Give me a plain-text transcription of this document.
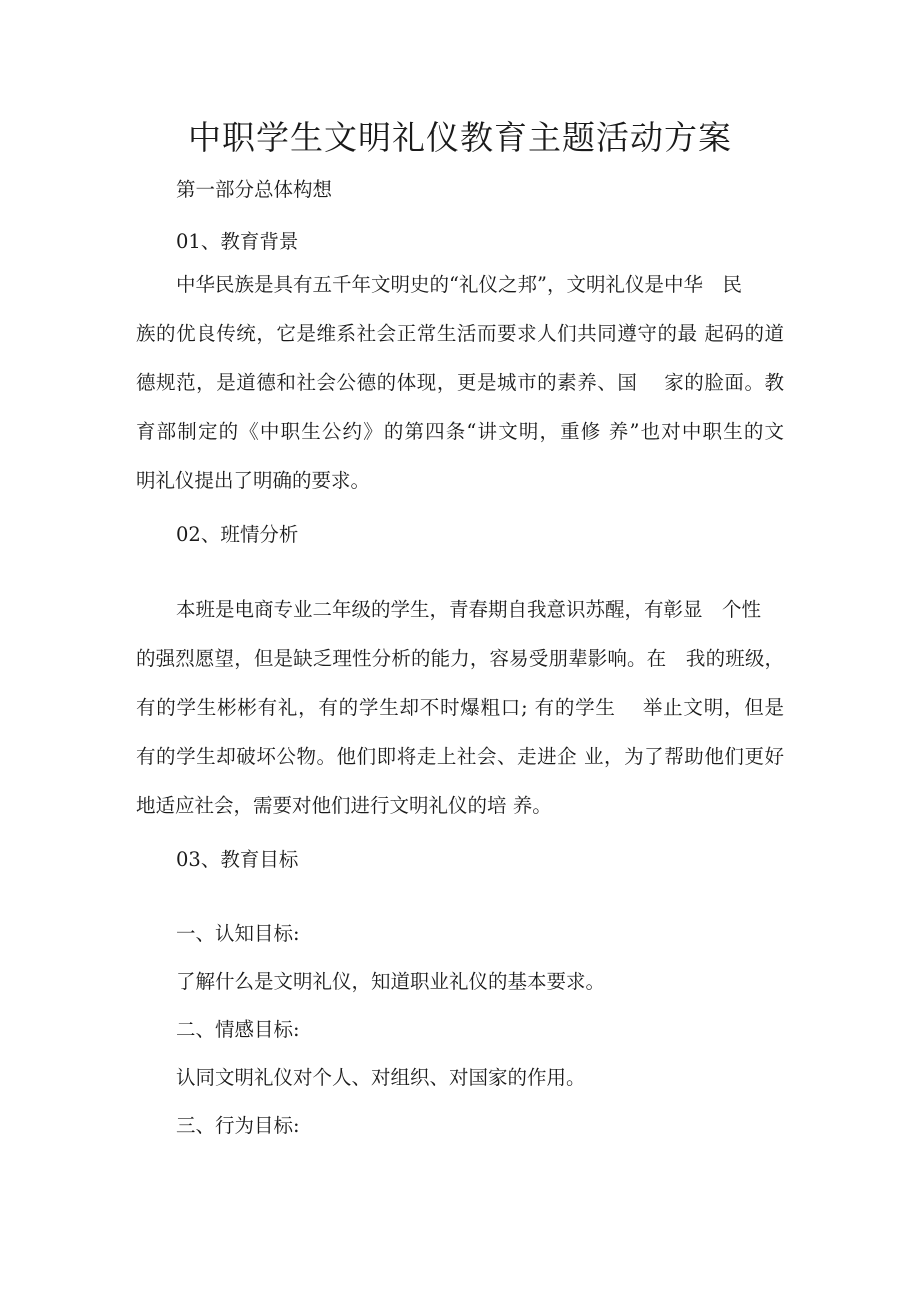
中职学生文明礼仪教育主题活动方案
第一部分总体构想
01、教育背景
中华民族是具有五千年文明史的“礼仪之邦”，文明礼仪是中华　民
族的优良传统，它是维系社会正常生活而要求人们共同遵守的最 起码的道
德规范，是道德和社会公德的体现，更是城市的素养、国　 家的脸面。教
育部制定的《中职生公约》的第四条“讲文明，重修 养”也对中职生的文
明礼仪提出了明确的要求。
02、班情分析
本班是电商专业二年级的学生，青春期自我意识苏醒，有彰显　个性
的强烈愿望，但是缺乏理性分析的能力，容易受朋辈影响。在　我的班级，
有的学生彬彬有礼，有的学生却不时爆粗口; 有的学生　 举止文明，但是
有的学生却破坏公物。他们即将走上社会、走进企 业，为了帮助他们更好
地适应社会，需要对他们进行文明礼仪的培 养。
03、教育目标
一、认知目标:
了解什么是文明礼仪，知道职业礼仪的基本要求。
二、情感目标:
认同文明礼仪对个人、对组织、对国家的作用。
三、行为目标:
